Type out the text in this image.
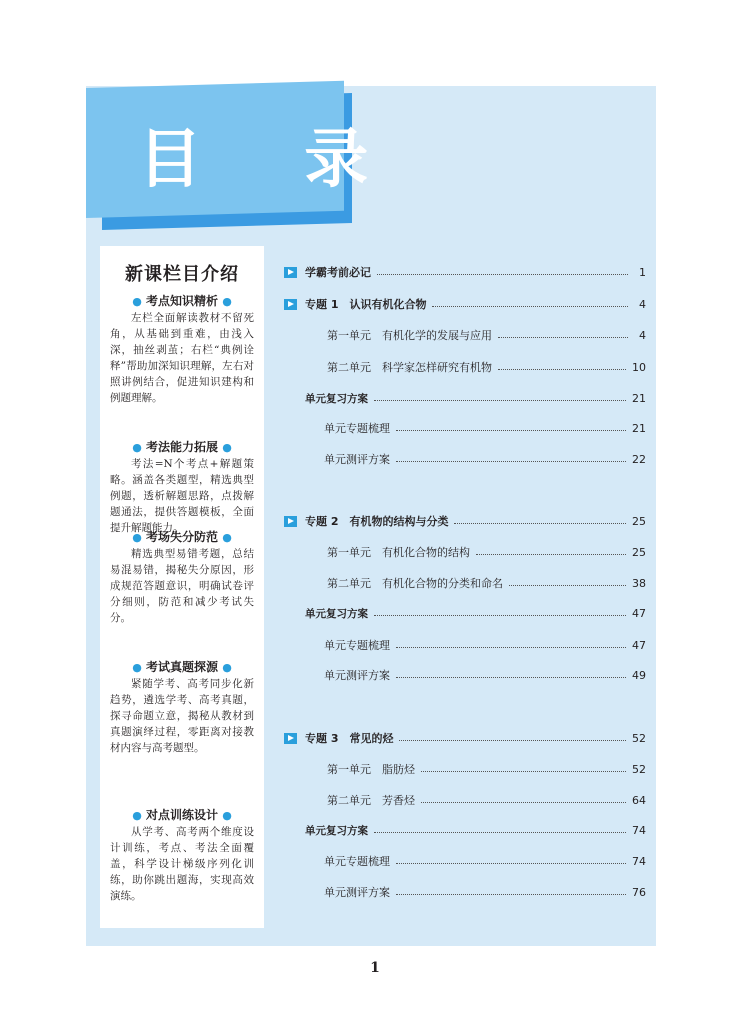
目 录
新课栏目介绍
● 考点知识精析 ●
左栏全面解读教材不留死角，从基础到重难，由浅入深，抽丝剥茧；右栏“典例诠释”帮助加深知识理解，左右对照讲例结合，促进知识建构和例题理解。
● 考法能力拓展 ●
考法=N个考点+解题策略。涵盖各类题型，精选典型例题，透析解题思路，点拨解题通法，提供答题模板，全面提升解题能力。
● 考场失分防范 ●
精选典型易错考题，总结易混易错，揭秘失分原因，形成规范答题意识，明确试卷评分细则，防范和减少考试失分。
● 考试真题探源 ●
紧随学考、高考同步化新趋势，遴选学考、高考真题，探寻命题立意，揭秘从教材到真题演绎过程，零距离对接教材内容与高考题型。
● 对点训练设计 ●
从学考、高考两个维度设计训练，考点、考法全面覆盖，科学设计梯级序列化训练，助你跳出题海，实现高效演练。
学霸考前必记	1
专题 1　认识有机化合物	4
第一单元　有机化学的发展与应用	4
第二单元　科学家怎样研究有机物	10
单元复习方案	21
单元专题梳理	21
单元测评方案	22
专题 2　有机物的结构与分类	25
第一单元　有机化合物的结构	25
第二单元　有机化合物的分类和命名	38
单元复习方案	47
单元专题梳理	47
单元测评方案	49
专题 3　常见的烃	52
第一单元　脂肪烃	52
第二单元　芳香烃	64
单元复习方案	74
单元专题梳理	74
单元测评方案	76
1
